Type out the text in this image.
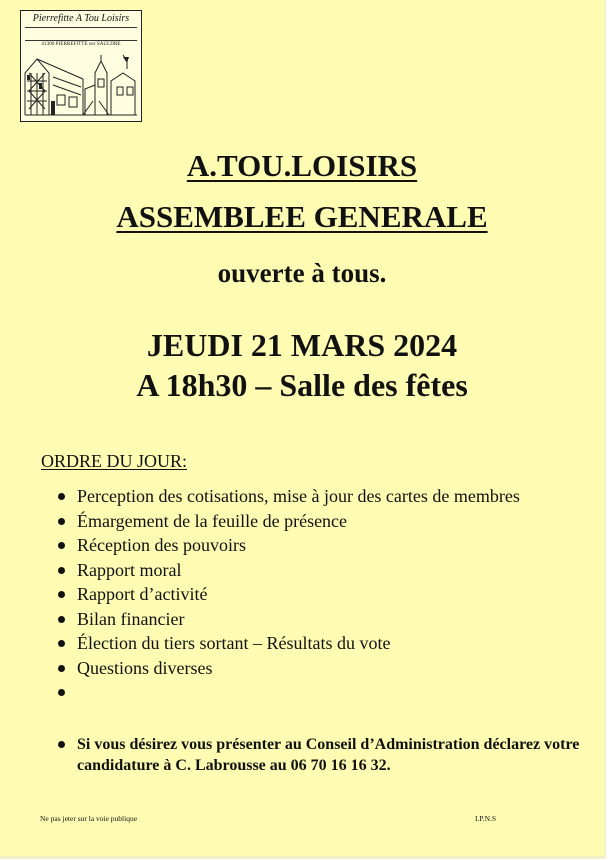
Pierrefitte A Tou Loisirs
41300 PIERREFITTE sur SAULDRE
A.TOU.LOISIRS
ASSEMBLEE GENERALE
ouverte à tous.
JEUDI 21 MARS 2024
A 18h30 – Salle des fêtes
ORDRE DU JOUR:
Perception des cotisations, mise à jour des cartes de membres
Émargement de la feuille de présence
Réception des pouvoirs
Rapport moral
Rapport d’activité
Bilan financier
Élection du tiers sortant – Résultats du vote
Questions diverses

Si vous désirez vous présenter au Conseil d’Administration déclarez votre candidature à C. Labrousse au 06 70 16 16 32.
Ne pas jeter sur la voie publique	I.P.N.S
